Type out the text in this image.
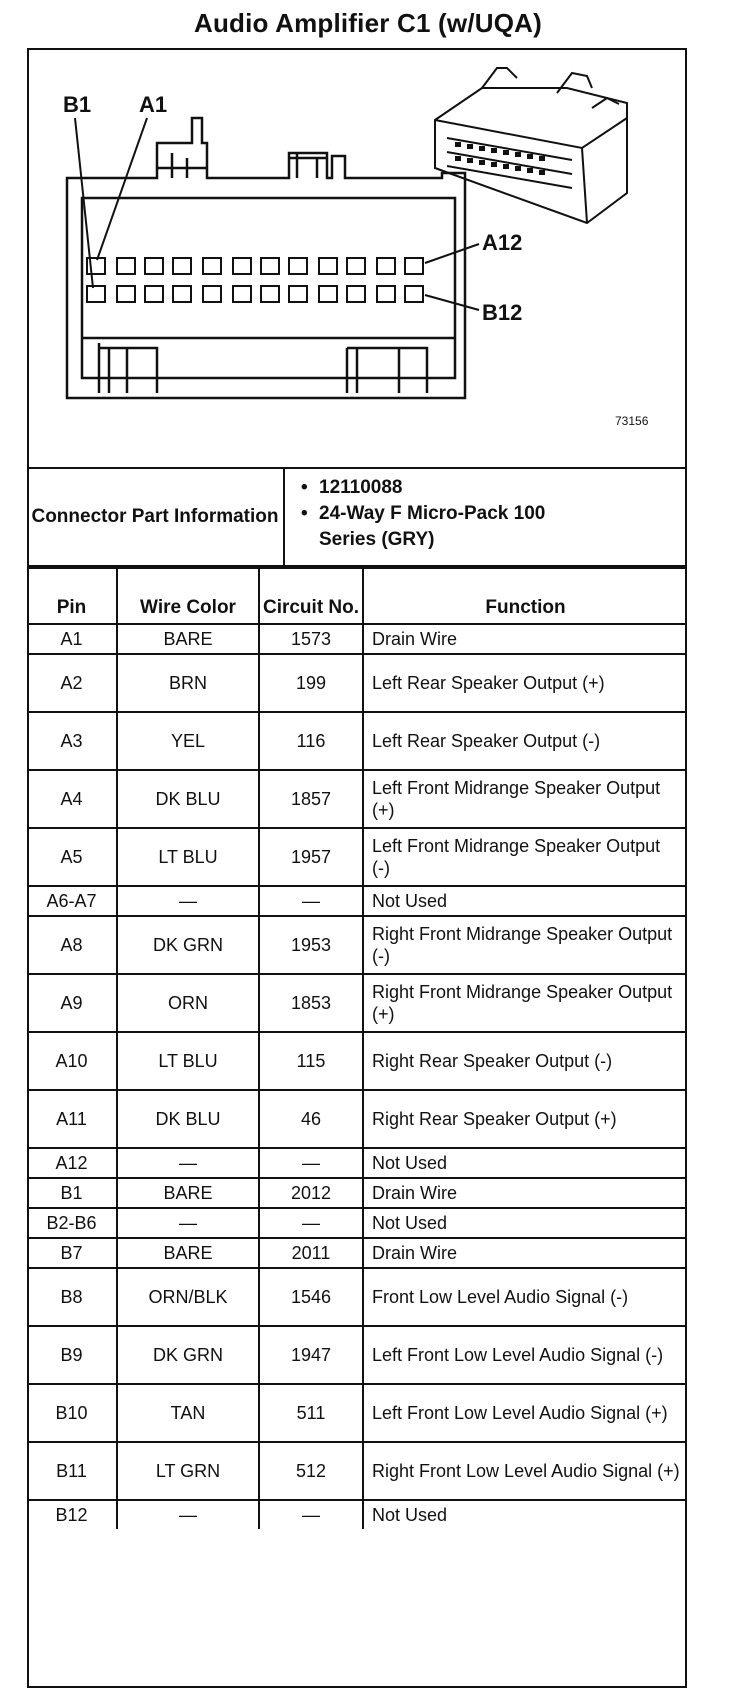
Audio Amplifier C1 (w/UQA)
B1 A1
A12
B12
73156
Connector Part Information
• 12110088
• 24-Way F Micro-Pack 100 Series (GRY)
Pin	Wire Color	Circuit No.	Function
A1	BARE	1573	Drain Wire
A2	BRN	199	Left Rear Speaker Output (+)
A3	YEL	116	Left Rear Speaker Output (-)
A4	DK BLU	1857	Left Front Midrange Speaker Output (+)
A5	LT BLU	1957	Left Front Midrange Speaker Output (-)
A6-A7	—	—	Not Used
A8	DK GRN	1953	Right Front Midrange Speaker Output (-)
A9	ORN	1853	Right Front Midrange Speaker Output (+)
A10	LT BLU	115	Right Rear Speaker Output (-)
A11	DK BLU	46	Right Rear Speaker Output (+)
A12	—	—	Not Used
B1	BARE	2012	Drain Wire
B2-B6	—	—	Not Used
B7	BARE	2011	Drain Wire
B8	ORN/BLK	1546	Front Low Level Audio Signal (-)
B9	DK GRN	1947	Left Front Low Level Audio Signal (-)
B10	TAN	511	Left Front Low Level Audio Signal (+)
B11	LT GRN	512	Right Front Low Level Audio Signal (+)
B12	—	—	Not Used
